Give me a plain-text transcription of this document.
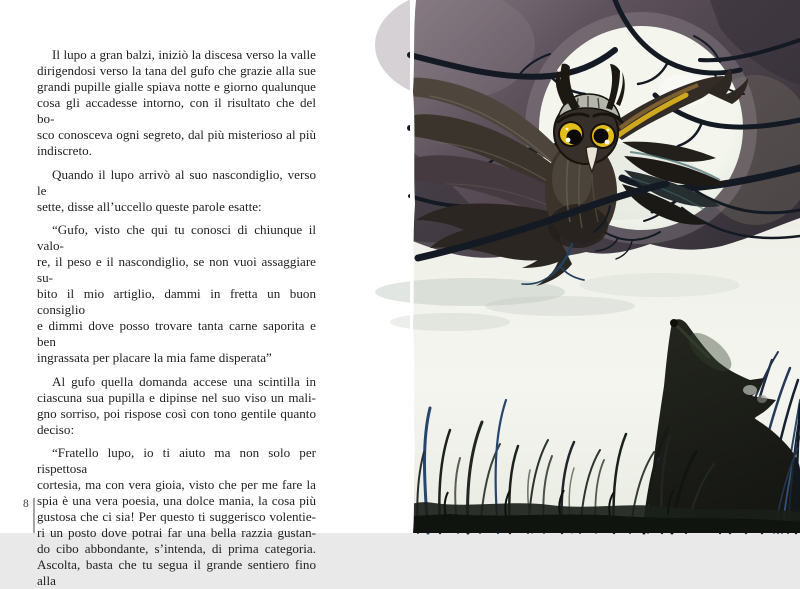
Il lupo a gran balzi, iniziò la discesa verso la valle
dirigendosi verso la tana del gufo che grazie alla sue
grandi pupille gialle spiava notte e giorno qualunque
cosa gli accadesse intorno, con il risultato che del bo-
sco conosceva ogni segreto, dal più misterioso al più
indiscreto.
Quando il lupo arrivò al suo nascondiglio, verso le
sette, disse all’uccello queste parole esatte:
“Gufo, visto che qui tu conosci di chiunque il valo-
re, il peso e il nascondiglio, se non vuoi assaggiare su-
bito il mio artiglio, dammi in fretta un buon consiglio
e dimmi dove posso trovare tanta carne saporita e ben
ingrassata per placare la mia fame disperata”
Al gufo quella domanda accese una scintilla in
ciascuna sua pupilla e dipinse nel suo viso un mali-
gno sorriso, poi rispose così con tono gentile quanto
deciso:
“Fratello lupo, io ti aiuto ma non solo per rispettosa
cortesia, ma con vera gioia, visto che per me fare la
spia è una vera poesia, una dolce mania, la cosa più
gustosa che ci sia! Per questo ti suggerisco volentie-
ri un posto dove potrai far una bella razzia gustan-
do cibo abbondante, s’intenda, di prima categoria.
Ascolta, basta che tu segua il grande sentiero fino alla
8
